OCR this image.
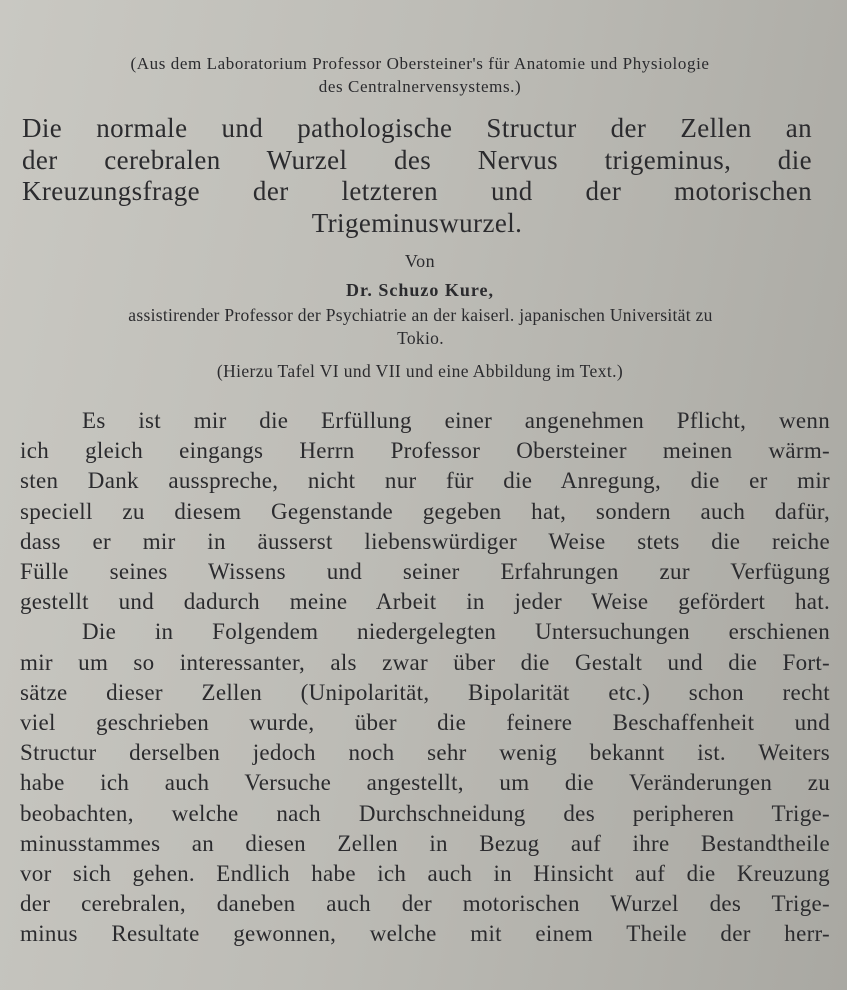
(Aus dem Laboratorium Professor Obersteiner's für Anatomie und Physiologie
des Centralnervensystems.)
Die normale und pathologische Structur der Zellen an
der cerebralen Wurzel des Nervus trigeminus, die
Kreuzungsfrage der letzteren und der motorischen
Trigeminuswurzel.
Von
Dr. Schuzo Kure,
assistirender Professor der Psychiatrie an der kaiserl. japanischen Universität zu
Tokio.
(Hierzu Tafel VI und VII und eine Abbildung im Text.)
Es ist mir die Erfüllung einer angenehmen Pflicht, wenn
ich gleich eingangs Herrn Professor Obersteiner meinen wärm-
sten Dank ausspreche, nicht nur für die Anregung, die er mir
speciell zu diesem Gegenstande gegeben hat, sondern auch dafür,
dass er mir in äusserst liebenswürdiger Weise stets die reiche
Fülle seines Wissens und seiner Erfahrungen zur Verfügung
gestellt und dadurch meine Arbeit in jeder Weise gefördert hat.
Die in Folgendem niedergelegten Untersuchungen erschienen
mir um so interessanter, als zwar über die Gestalt und die Fort-
sätze dieser Zellen (Unipolarität, Bipolarität etc.) schon recht
viel geschrieben wurde, über die feinere Beschaffenheit und
Structur derselben jedoch noch sehr wenig bekannt ist. Weiters
habe ich auch Versuche angestellt, um die Veränderungen zu
beobachten, welche nach Durchschneidung des peripheren Trige-
minusstammes an diesen Zellen in Bezug auf ihre Bestandtheile
vor sich gehen. Endlich habe ich auch in Hinsicht auf die Kreuzung
der cerebralen, daneben auch der motorischen Wurzel des Trige-
minus Resultate gewonnen, welche mit einem Theile der herr-
